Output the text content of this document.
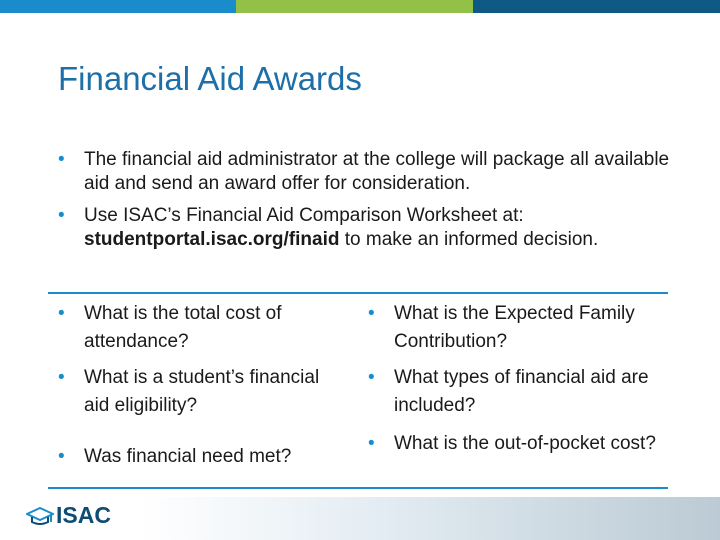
Financial Aid Awards
• The financial aid administrator at the college will package all available aid and send an award offer for consideration.
• Use ISAC’s Financial Aid Comparison Worksheet at: studentportal.isac.org/finaid to make an informed decision.
• What is the total cost of attendance?
• What is a student’s financial aid eligibility?
• Was financial need met?
• What is the Expected Family Contribution?
• What types of financial aid are included?
• What is the out-of-pocket cost?
ISAC
